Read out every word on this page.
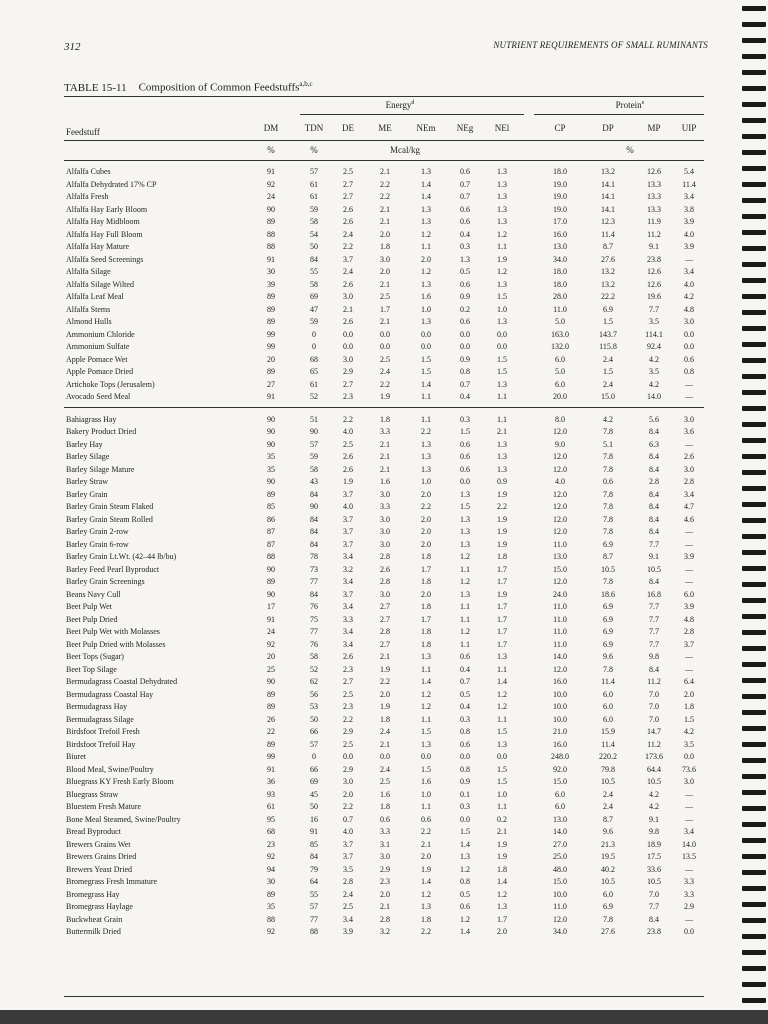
312	NUTRIENT REQUIREMENTS OF SMALL RUMINANTS
TABLE 15-11 Composition of Common Feedstuffs$^{a,b,c}$
Energy$^d$	Protein$^e$
Feedstuff	DM	TDN	DE	ME	NEm	NEg	NEl	CP	DP	MP	UIP
%	%	Mcal/kg	%
Alfalfa Cubes	91	57	2.5	2.1	1.3	0.6	1.3	18.0	13.2	12.6	5.4
Alfalfa Dehydrated 17% CP	92	61	2.7	2.2	1.4	0.7	1.3	19.0	14.1	13.3	11.4
Alfalfa Fresh	24	61	2.7	2.2	1.4	0.7	1.3	19.0	14.1	13.3	3.4
Alfalfa Hay Early Bloom	90	59	2.6	2.1	1.3	0.6	1.3	19.0	14.1	13.3	3.8
Alfalfa Hay Midbloom	89	58	2.6	2.1	1.3	0.6	1.3	17.0	12.3	11.9	3.9
Alfalfa Hay Full Bloom	88	54	2.4	2.0	1.2	0.4	1.2	16.0	11.4	11.2	4.0
Alfalfa Hay Mature	88	50	2.2	1.8	1.1	0.3	1.1	13.0	8.7	9.1	3.9
Alfalfa Seed Screenings	91	84	3.7	3.0	2.0	1.3	1.9	34.0	27.6	23.8	—
Alfalfa Silage	30	55	2.4	2.0	1.2	0.5	1.2	18.0	13.2	12.6	3.4
Alfalfa Silage Wilted	39	58	2.6	2.1	1.3	0.6	1.3	18.0	13.2	12.6	4.0
Alfalfa Leaf Meal	89	69	3.0	2.5	1.6	0.9	1.5	28.0	22.2	19.6	4.2
Alfalfa Stems	89	47	2.1	1.7	1.0	0.2	1.0	11.0	6.9	7.7	4.8
Almond Hulls	89	59	2.6	2.1	1.3	0.6	1.3	5.0	1.5	3.5	3.0
Ammonium Chloride	99	0	0.0	0.0	0.0	0.0	0.0	163.0	143.7	114.1	0.0
Ammonium Sulfate	99	0	0.0	0.0	0.0	0.0	0.0	132.0	115.8	92.4	0.0
Apple Pomace Wet	20	68	3.0	2.5	1.5	0.9	1.5	6.0	2.4	4.2	0.6
Apple Pomace Dried	89	65	2.9	2.4	1.5	0.8	1.5	5.0	1.5	3.5	0.8
Artichoke Tops (Jerusalem)	27	61	2.7	2.2	1.4	0.7	1.3	6.0	2.4	4.2	—
Avocado Seed Meal	91	52	2.3	1.9	1.1	0.4	1.1	20.0	15.0	14.0	—
Bahiagrass Hay	90	51	2.2	1.8	1.1	0.3	1.1	8.0	4.2	5.6	3.0
Bakery Product Dried	90	90	4.0	3.3	2.2	1.5	2.1	12.0	7.8	8.4	3.6
Barley Hay	90	57	2.5	2.1	1.3	0.6	1.3	9.0	5.1	6.3	—
Barley Silage	35	59	2.6	2.1	1.3	0.6	1.3	12.0	7.8	8.4	2.6
Barley Silage Mature	35	58	2.6	2.1	1.3	0.6	1.3	12.0	7.8	8.4	3.0
Barley Straw	90	43	1.9	1.6	1.0	0.0	0.9	4.0	0.6	2.8	2.8
Barley Grain	89	84	3.7	3.0	2.0	1.3	1.9	12.0	7.8	8.4	3.4
Barley Grain Steam Flaked	85	90	4.0	3.3	2.2	1.5	2.2	12.0	7.8	8.4	4.7
Barley Grain Steam Rolled	86	84	3.7	3.0	2.0	1.3	1.9	12.0	7.8	8.4	4.6
Barley Grain 2-row	87	84	3.7	3.0	2.0	1.3	1.9	12.0	7.8	8.4	—
Barley Grain 6-row	87	84	3.7	3.0	2.0	1.3	1.9	11.0	6.9	7.7	—
Barley Grain Lt.Wt. (42–44 lb/bu)	88	78	3.4	2.8	1.8	1.2	1.8	13.0	8.7	9.1	3.9
Barley Feed Pearl Byproduct	90	73	3.2	2.6	1.7	1.1	1.7	15.0	10.5	10.5	—
Barley Grain Screenings	89	77	3.4	2.8	1.8	1.2	1.7	12.0	7.8	8.4	—
Beans Navy Cull	90	84	3.7	3.0	2.0	1.3	1.9	24.0	18.6	16.8	6.0
Beet Pulp Wet	17	76	3.4	2.7	1.8	1.1	1.7	11.0	6.9	7.7	3.9
Beet Pulp Dried	91	75	3.3	2.7	1.7	1.1	1.7	11.0	6.9	7.7	4.8
Beet Pulp Wet with Molasses	24	77	3.4	2.8	1.8	1.2	1.7	11.0	6.9	7.7	2.8
Beet Pulp Dried with Molasses	92	76	3.4	2.7	1.8	1.1	1.7	11.0	6.9	7.7	3.7
Beet Tops (Sugar)	20	58	2.6	2.1	1.3	0.6	1.3	14.0	9.6	9.8	—
Beet Top Silage	25	52	2.3	1.9	1.1	0.4	1.1	12.0	7.8	8.4	—
Bermudagrass Coastal Dehydrated	90	62	2.7	2.2	1.4	0.7	1.4	16.0	11.4	11.2	6.4
Bermudagrass Coastal Hay	89	56	2.5	2.0	1.2	0.5	1.2	10.0	6.0	7.0	2.0
Bermudagrass Hay	89	53	2.3	1.9	1.2	0.4	1.2	10.0	6.0	7.0	1.8
Bermudagrass Silage	26	50	2.2	1.8	1.1	0.3	1.1	10.0	6.0	7.0	1.5
Birdsfoot Trefoil Fresh	22	66	2.9	2.4	1.5	0.8	1.5	21.0	15.9	14.7	4.2
Birdsfoot Trefoil Hay	89	57	2.5	2.1	1.3	0.6	1.3	16.0	11.4	11.2	3.5
Biuret	99	0	0.0	0.0	0.0	0.0	0.0	248.0	220.2	173.6	0.0
Blood Meal, Swine/Poultry	91	66	2.9	2.4	1.5	0.8	1.5	92.0	79.8	64.4	73.6
Bluegrass KY Fresh Early Bloom	36	69	3.0	2.5	1.6	0.9	1.5	15.0	10.5	10.5	3.0
Bluegrass Straw	93	45	2.0	1.6	1.0	0.1	1.0	6.0	2.4	4.2	—
Bluestem Fresh Mature	61	50	2.2	1.8	1.1	0.3	1.1	6.0	2.4	4.2	—
Bone Meal Steamed, Swine/Poultry	95	16	0.7	0.6	0.6	0.0	0.2	13.0	8.7	9.1	—
Bread Byproduct	68	91	4.0	3.3	2.2	1.5	2.1	14.0	9.6	9.8	3.4
Brewers Grains Wet	23	85	3.7	3.1	2.1	1.4	1.9	27.0	21.3	18.9	14.0
Brewers Grains Dried	92	84	3.7	3.0	2.0	1.3	1.9	25.0	19.5	17.5	13.5
Brewers Yeast Dried	94	79	3.5	2.9	1.9	1.2	1.8	48.0	40.2	33.6	—
Bromegrass Fresh Immature	30	64	2.8	2.3	1.4	0.8	1.4	15.0	10.5	10.5	3.3
Bromegrass Hay	89	55	2.4	2.0	1.2	0.5	1.2	10.0	6.0	7.0	3.3
Bromegrass Haylage	35	57	2.5	2.1	1.3	0.6	1.3	11.0	6.9	7.7	2.9
Buckwheat Grain	88	77	3.4	2.8	1.8	1.2	1.7	12.0	7.8	8.4	—
Buttermilk Dried	92	88	3.9	3.2	2.2	1.4	2.0	34.0	27.6	23.8	0.0
